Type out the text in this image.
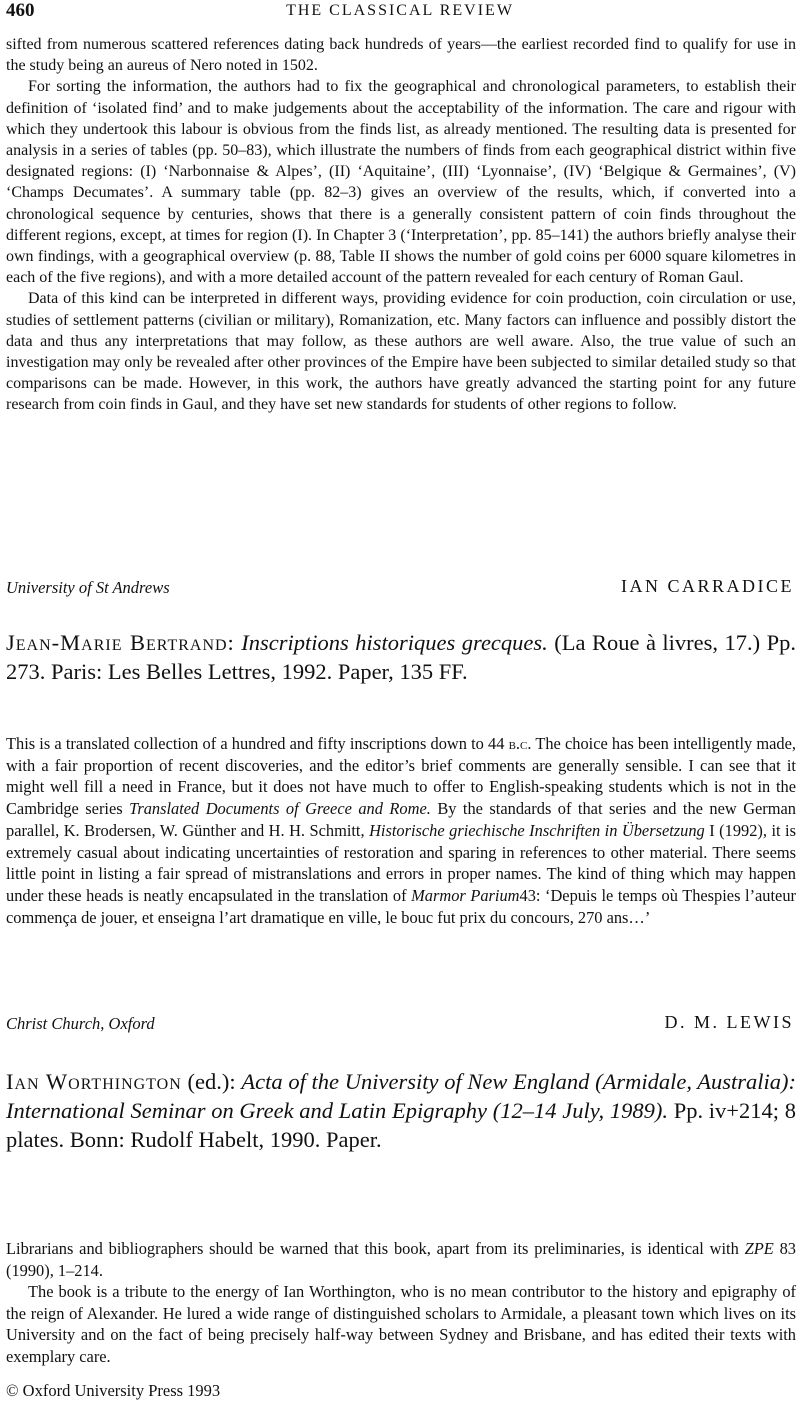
460	THE CLASSICAL REVIEW

sifted from numerous scattered references dating back hundreds of years—the earliest recorded find to qualify for use in the study being an aureus of Nero noted in 1502.

For sorting the information, the authors had to fix the geographical and chronological parameters, to establish their definition of ‘isolated find’ and to make judgements about the acceptability of the information. The care and rigour with which they undertook this labour is obvious from the finds list, as already mentioned. The resulting data is presented for analysis in a series of tables (pp. 50–83), which illustrate the numbers of finds from each geographical district within five designated regions: (I) ‘Narbonnaise & Alpes’, (II) ‘Aquitaine’, (III) ‘Lyonnaise’, (IV) ‘Belgique & Germaines’, (V) ‘Champs Decumates’. A summary table (pp. 82–3) gives an overview of the results, which, if converted into a chronological sequence by centuries, shows that there is a generally consistent pattern of coin finds throughout the different regions, except, at times for region (I). In Chapter 3 (‘Interpretation’, pp. 85–141) the authors briefly analyse their own findings, with a geographical overview (p. 88, Table II shows the number of gold coins per 6000 square kilometres in each of the five regions), and with a more detailed account of the pattern revealed for each century of Roman Gaul.

Data of this kind can be interpreted in different ways, providing evidence for coin production, coin circulation or use, studies of settlement patterns (civilian or military), Romanization, etc. Many factors can influence and possibly distort the data and thus any interpretations that may follow, as these authors are well aware. Also, the true value of such an investigation may only be revealed after other provinces of the Empire have been subjected to similar detailed study so that comparisons can be made. However, in this work, the authors have greatly advanced the starting point for any future research from coin finds in Gaul, and they have set new standards for students of other regions to follow.

University of St Andrews	IAN CARRADICE
Jean-Marie Bertrand: Inscriptions historiques grecques. (La Roue à livres, 17.) Pp. 273. Paris: Les Belles Lettres, 1992. Paper, 135 FF.

This is a translated collection of a hundred and fifty inscriptions down to 44 b.c. The choice has been intelligently made, with a fair proportion of recent discoveries, and the editor’s brief comments are generally sensible. I can see that it might well fill a need in France, but it does not have much to offer to English-speaking students which is not in the Cambridge series Translated Documents of Greece and Rome. By the standards of that series and the new German parallel, K. Brodersen, W. Günther and H. H. Schmitt, Historische griechische Inschriften in Übersetzung I (1992), it is extremely casual about indicating uncertainties of restoration and sparing in references to other material. There seems little point in listing a fair spread of mistranslations and errors in proper names. The kind of thing which may happen under these heads is neatly encapsulated in the translation of Marmor Parium43: ‘Depuis le temps où Thespies l’auteur commença de jouer, et enseigna l’art dramatique en ville, le bouc fut prix du concours, 270 ans…’

Christ Church, Oxford	D. M. LEWIS
Ian Worthington (ed.): Acta of the University of New England (Armidale, Australia): International Seminar on Greek and Latin Epigraphy (12–14 July, 1989). Pp. iv+214; 8 plates. Bonn: Rudolf Habelt, 1990. Paper.

Librarians and bibliographers should be warned that this book, apart from its preliminaries, is identical with ZPE 83 (1990), 1–214.

The book is a tribute to the energy of Ian Worthington, who is no mean contributor to the history and epigraphy of the reign of Alexander. He lured a wide range of distinguished scholars to Armidale, a pleasant town which lives on its University and on the fact of being precisely half-way between Sydney and Brisbane, and has edited their texts with exemplary care.

© Oxford University Press 1993
